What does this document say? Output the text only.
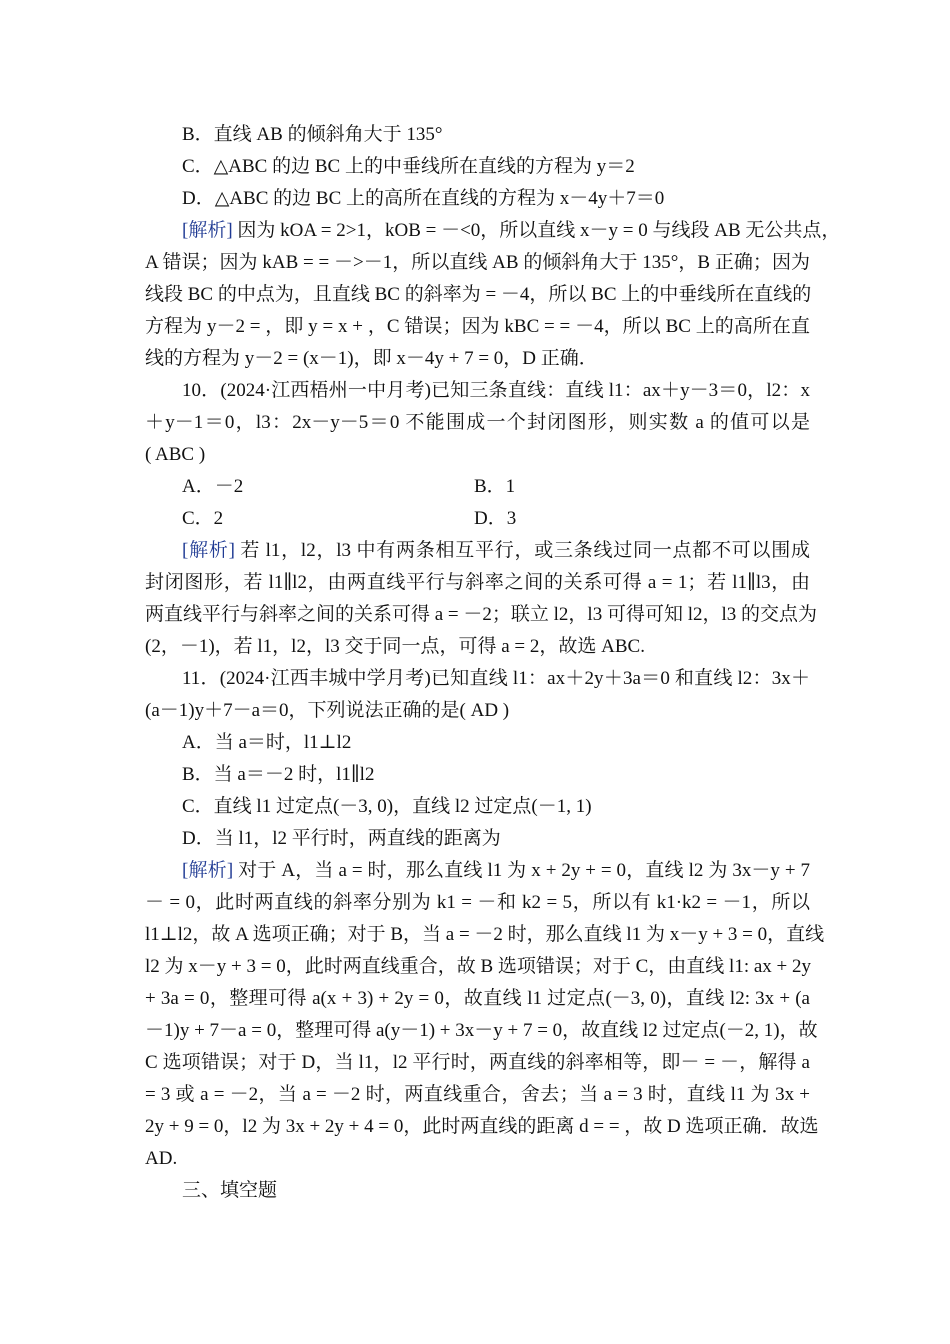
B．直线 AB 的倾斜角大于 135°
C．△ABC 的边 BC 上的中垂线所在直线的方程为 y＝2
D．△ABC 的边 BC 上的高所在直线的方程为 x－4y＋7＝0
[解析] 因为 kOA = 2>1，kOB = －<0，所以直线 x－y = 0 与线段 AB 无公共点，
A 错误；因为 kAB = = －>－1，所以直线 AB 的倾斜角大于 135°，B 正确；因为
线段 BC 的中点为，且直线 BC 的斜率为 = －4，所以 BC 上的中垂线所在直线的
方程为 y－2 = ，即 y = x + ，C 错误；因为 kBC = = －4，所以 BC 上的高所在直
线的方程为 y－2 = (x－1)，即 x－4y + 7 = 0，D 正确．
10．(2024·江西梧州一中月考)已知三条直线：直线 l1：ax＋y－3＝0，l2：x
＋y－1＝0，l3：2x－y－5＝0 不能围成一个封闭图形，则实数 a 的值可以是
( ABC )
A．－2	B．1
C．2	D．3
[解析] 若 l1，l2，l3 中有两条相互平行，或三条线过同一点都不可以围成
封闭图形，若 l1∥l2，由两直线平行与斜率之间的关系可得 a = 1；若 l1∥l3，由
两直线平行与斜率之间的关系可得 a = －2；联立 l2，l3 可得可知 l2，l3 的交点为
(2，－1)，若 l1，l2，l3 交于同一点，可得 a = 2，故选 ABC.
11．(2024·江西丰城中学月考)已知直线 l1：ax＋2y＋3a＝0 和直线 l2：3x＋
(a－1)y＋7－a＝0，下列说法正确的是( AD )
A．当 a＝时，l1⊥l2
B．当 a＝－2 时，l1∥l2
C．直线 l1 过定点(－3, 0)，直线 l2 过定点(－1, 1)
D．当 l1，l2 平行时，两直线的距离为
[解析] 对于 A，当 a = 时，那么直线 l1 为 x + 2y + = 0，直线 l2 为 3x－y + 7
－ = 0，此时两直线的斜率分别为 k1 = －和 k2 = 5，所以有 k1·k2 = －1，所以
l1⊥l2，故 A 选项正确；对于 B，当 a = －2 时，那么直线 l1 为 x－y + 3 = 0，直线
l2 为 x－y + 3 = 0，此时两直线重合，故 B 选项错误；对于 C，由直线 l1: ax + 2y
+ 3a = 0，整理可得 a(x + 3) + 2y = 0，故直线 l1 过定点(－3, 0)，直线 l2: 3x + (a
－1)y + 7－a = 0，整理可得 a(y－1) + 3x－y + 7 = 0，故直线 l2 过定点(－2, 1)，故
C 选项错误；对于 D，当 l1，l2 平行时，两直线的斜率相等，即－ = －，解得 a
= 3 或 a = －2，当 a = －2 时，两直线重合，舍去；当 a = 3 时，直线 l1 为 3x +
2y + 9 = 0，l2 为 3x + 2y + 4 = 0，此时两直线的距离 d = = ，故 D 选项正确．故选
AD.
三、填空题
